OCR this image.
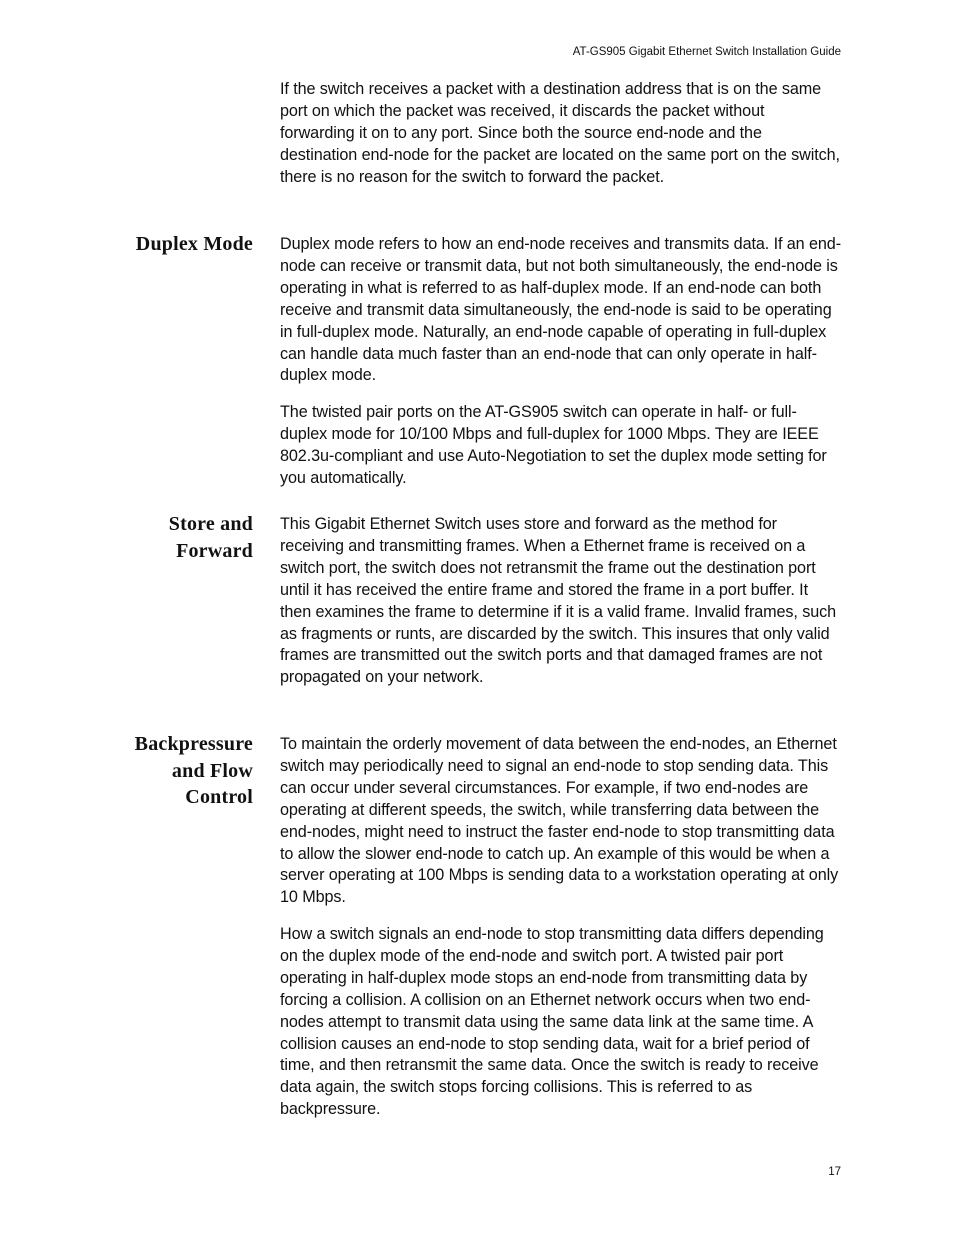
AT-GS905 Gigabit Ethernet Switch Installation Guide

If the switch receives a packet with a destination address that is on the same port on which the packet was received, it discards the packet without forwarding it on to any port. Since both the source end-node and the destination end-node for the packet are located on the same port on the switch, there is no reason for the switch to forward the packet.

Duplex Mode Duplex mode refers to how an end-node receives and transmits data. If an end-node can receive or transmit data, but not both simultaneously, the end-node is operating in what is referred to as half-duplex mode. If an end-node can both receive and transmit data simultaneously, the end-node is said to be operating in full-duplex mode. Naturally, an end-node capable of operating in full-duplex can handle data much faster than an end-node that can only operate in half-duplex mode.

The twisted pair ports on the AT-GS905 switch can operate in half- or full-duplex mode for 10/100 Mbps and full-duplex for 1000 Mbps. They are IEEE 802.3u-compliant and use Auto-Negotiation to set the duplex mode setting for you automatically.

Store and
Forward

This Gigabit Ethernet Switch uses store and forward as the method for receiving and transmitting frames. When a Ethernet frame is received on a switch port, the switch does not retransmit the frame out the destination port until it has received the entire frame and stored the frame in a port buffer. It then examines the frame to determine if it is a valid frame. Invalid frames, such as fragments or runts, are discarded by the switch. This insures that only valid frames are transmitted out the switch ports and that damaged frames are not propagated on your network.

Backpressure
and Flow
Control

To maintain the orderly movement of data between the end-nodes, an Ethernet switch may periodically need to signal an end-node to stop sending data. This can occur under several circumstances. For example, if two end-nodes are operating at different speeds, the switch, while transferring data between the end-nodes, might need to instruct the faster end-node to stop transmitting data to allow the slower end-node to catch up. An example of this would be when a server operating at 100 Mbps is sending data to a workstation operating at only 10 Mbps.

How a switch signals an end-node to stop transmitting data differs depending on the duplex mode of the end-node and switch port. A twisted pair port operating in half-duplex mode stops an end-node from transmitting data by forcing a collision. A collision on an Ethernet network occurs when two end-nodes attempt to transmit data using the same data link at the same time. A collision causes an end-node to stop sending data, wait for a brief period of time, and then retransmit the same data. Once the switch is ready to receive data again, the switch stops forcing collisions. This is referred to as backpressure.

17
